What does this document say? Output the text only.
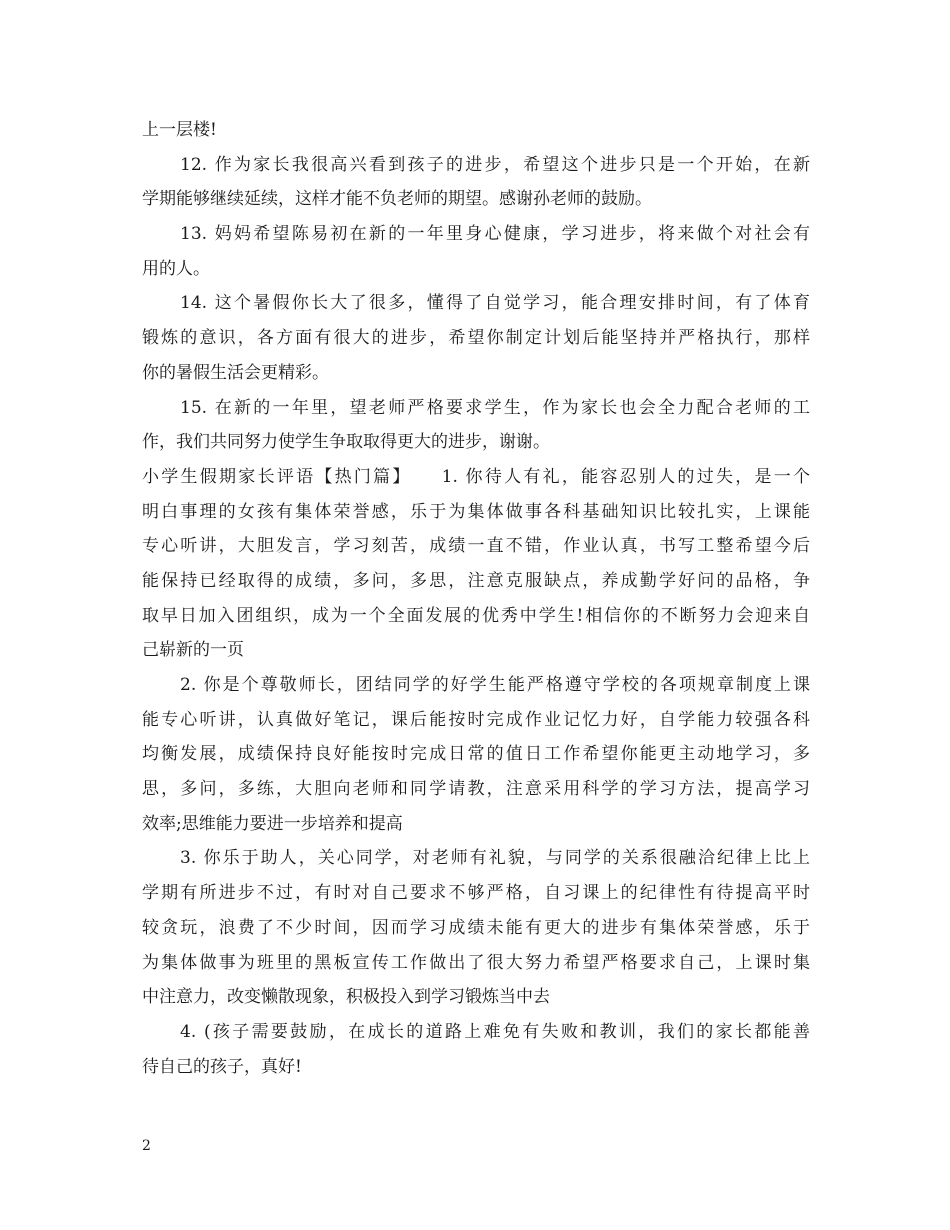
上一层楼!
12. 作为家长我很高兴看到孩子的进步，希望这个进步只是一个开始，在新
学期能够继续延续，这样才能不负老师的期望。感谢孙老师的鼓励。
13. 妈妈希望陈易初在新的一年里身心健康，学习进步，将来做个对社会有
用的人。
14. 这个暑假你长大了很多，懂得了自觉学习，能合理安排时间，有了体育
锻炼的意识，各方面有很大的进步，希望你制定计划后能坚持并严格执行，那样
你的暑假生活会更精彩。
15. 在新的一年里，望老师严格要求学生，作为家长也会全力配合老师的工
作，我们共同努力使学生争取取得更大的进步，谢谢。
小学生假期家长评语【热门篇】 1. 你待人有礼，能容忍别人的过失，是一个
明白事理的女孩有集体荣誉感，乐于为集体做事各科基础知识比较扎实，上课能
专心听讲，大胆发言，学习刻苦，成绩一直不错，作业认真，书写工整希望今后
能保持已经取得的成绩，多问，多思，注意克服缺点，养成勤学好问的品格，争
取早日加入团组织，成为一个全面发展的优秀中学生!相信你的不断努力会迎来自
己崭新的一页
2. 你是个尊敬师长，团结同学的好学生能严格遵守学校的各项规章制度上课
能专心听讲，认真做好笔记，课后能按时完成作业记忆力好，自学能力较强各科
均衡发展，成绩保持良好能按时完成日常的值日工作希望你能更主动地学习，多
思，多问，多练，大胆向老师和同学请教，注意采用科学的学习方法，提高学习
效率;思维能力要进一步培养和提高
3. 你乐于助人，关心同学，对老师有礼貌，与同学的关系很融洽纪律上比上
学期有所进步不过，有时对自己要求不够严格，自习课上的纪律性有待提高平时
较贪玩，浪费了不少时间，因而学习成绩未能有更大的进步有集体荣誉感，乐于
为集体做事为班里的黑板宣传工作做出了很大努力希望严格要求自己，上课时集
中注意力，改变懒散现象，积极投入到学习锻炼当中去
4. (孩子需要鼓励，在成长的道路上难免有失败和教训，我们的家长都能善
待自己的孩子，真好!
2
